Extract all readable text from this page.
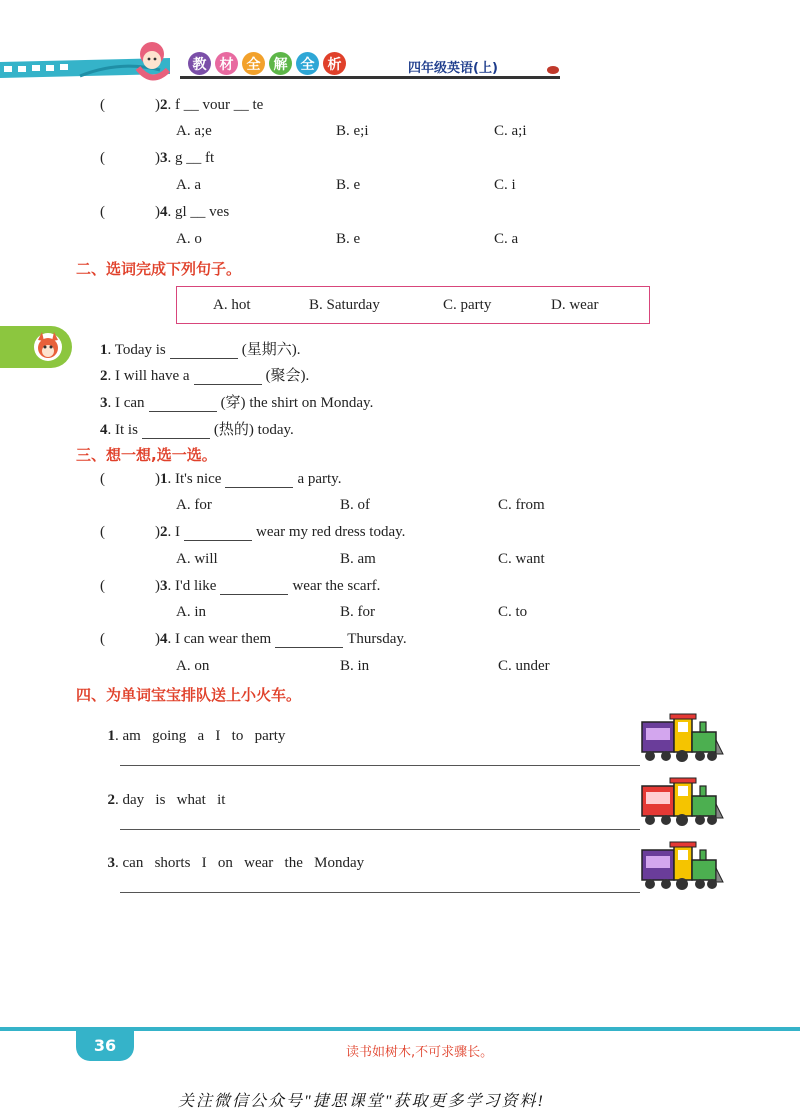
教 材 全 解 全 析	四年级英语(上)
(	)2. f __ vour __ te
A. a;e	B. e;i	C. a;i
(	)3. g __ ft
A. a	B. e	C. i
(	)4. gl __ ves
A. o	B. e	C. a
二、选词完成下列句子。
A. hot	B. Saturday	C. party	D. wear
1. Today is	(星期六).
2. I will have a	(聚会).
3. I can	(穿) the shirt on Monday.
4. It is	(热的) today.
三、想一想,选一选。
(	)1. It's nice	a party.
A. for	B. of	C. from
(	)2. I	wear my red dress today.
A. will	B. am	C. want
(	)3. I'd like	wear the scarf.
A. in	B. for	C. to
(	)4. I can wear them	Thursday.
A. on	B. in	C. under
四、为单词宝宝排队送上小火车。

1. am   going   a   I   to   party

2. day   is   what   it

3. can   shorts   I   on   wear   the   Monday

36	读书如树木,不可求骤长。
关注微信公众号"捷思课堂"获取更多学习资料!
